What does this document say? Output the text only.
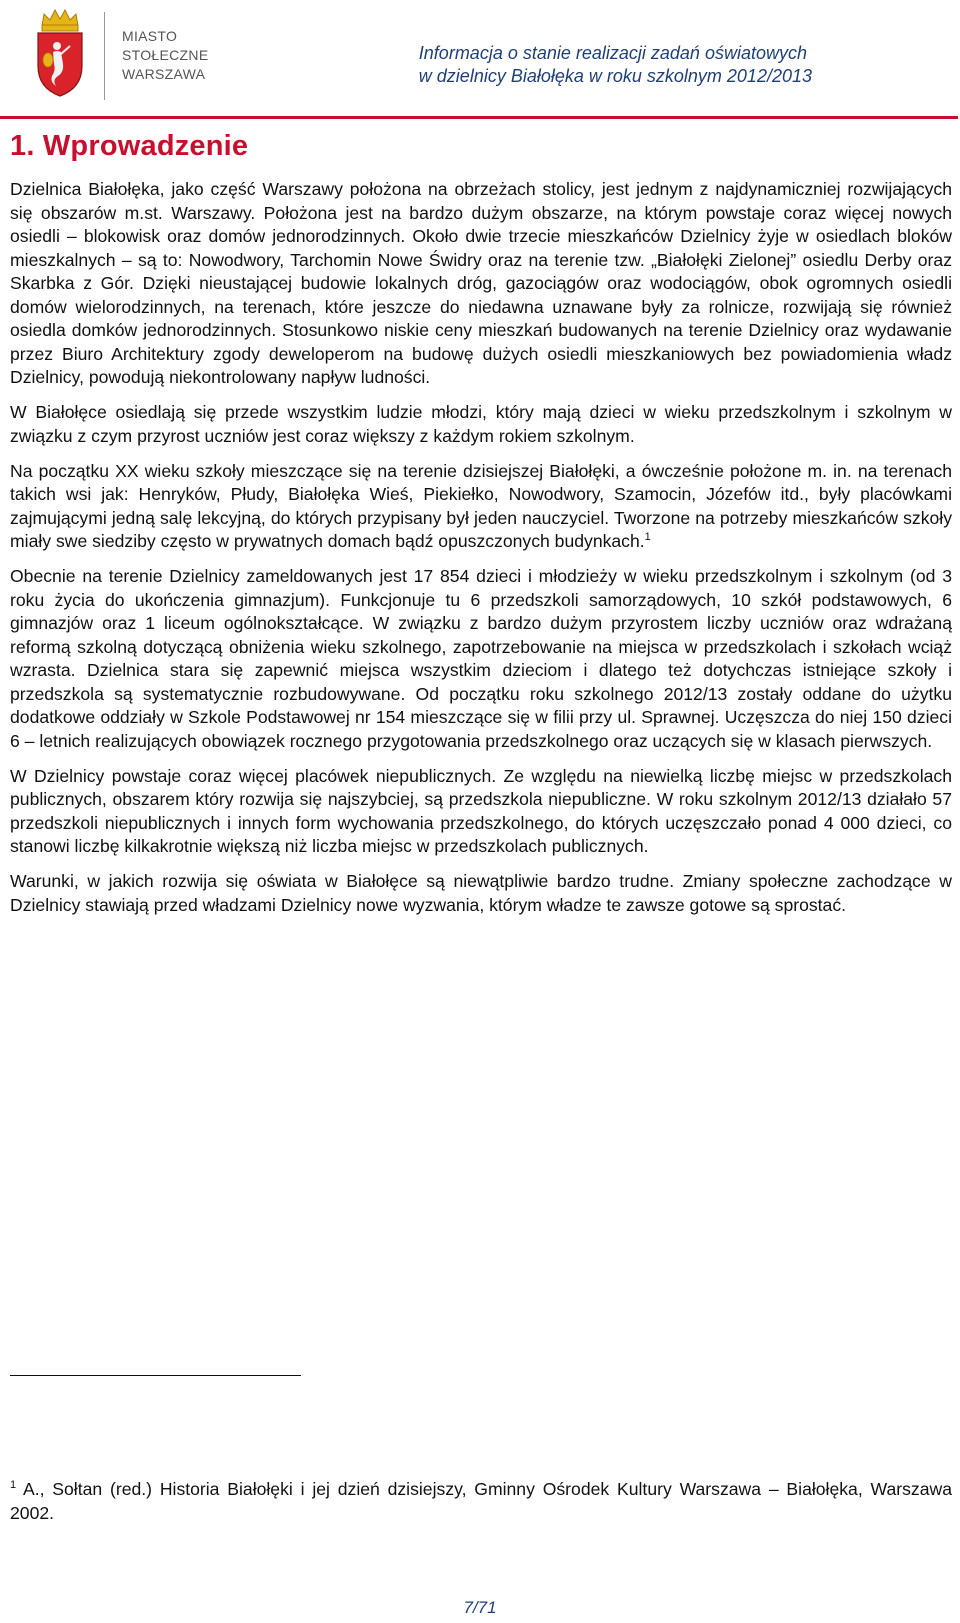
MIASTO
STOŁECZNE
WARSZAWA
Informacja o stanie realizacji zadań oświatowych
w dzielnicy Białołęka w roku szkolnym 2012/2013
1. Wprowadzenie

Dzielnica Białołęka, jako część Warszawy położona na obrzeżach stolicy, jest jednym z najdynamiczniej rozwijających się obszarów m.st. Warszawy. Położona jest na bardzo dużym obszarze, na którym powstaje coraz więcej nowych osiedli – blokowisk oraz domów jednorodzinnych. Około dwie trzecie mieszkańców Dzielnicy żyje w osiedlach bloków mieszkalnych – są to: Nowodwory, Tarchomin Nowe Świdry oraz na terenie tzw. „Białołęki Zielonej” osiedlu Derby oraz Skarbka z Gór. Dzięki nieustającej budowie lokalnych dróg, gazociągów oraz wodociągów, obok ogromnych osiedli domów wielorodzinnych, na terenach, które jeszcze do niedawna uznawane były za rolnicze, rozwijają się również osiedla domków jednorodzinnych. Stosunkowo niskie ceny mieszkań budowanych na terenie Dzielnicy oraz wydawanie przez Biuro Architektury zgody deweloperom na budowę dużych osiedli mieszkaniowych bez powiadomienia władz Dzielnicy, powodują niekontrolowany napływ ludności.

W Białołęce osiedlają się przede wszystkim ludzie młodzi, który mają dzieci w wieku przedszkolnym i szkolnym w związku z czym przyrost uczniów jest coraz większy z każdym rokiem szkolnym.

Na początku XX wieku szkoły mieszczące się na terenie dzisiejszej Białołęki, a ówcześnie położone m. in. na terenach takich wsi jak: Henryków, Płudy, Białołęka Wieś, Piekiełko, Nowodwory, Szamocin, Józefów itd., były placówkami zajmującymi jedną salę lekcyjną, do których przypisany był jeden nauczyciel. Tworzone na potrzeby mieszkańców szkoły miały swe siedziby często w prywatnych domach bądź opuszczonych budynkach.$^1$

Obecnie na terenie Dzielnicy zameldowanych jest 17 854 dzieci i młodzieży w wieku przedszkolnym i szkolnym (od 3 roku życia do ukończenia gimnazjum). Funkcjonuje tu 6 przedszkoli samorządowych, 10 szkół podstawowych, 6 gimnazjów oraz 1 liceum ogólnokształcące. W związku z bardzo dużym przyrostem liczby uczniów oraz wdrażaną reformą szkolną dotyczącą obniżenia wieku szkolnego, zapotrzebowanie na miejsca w przedszkolach i szkołach wciąż wzrasta. Dzielnica stara się zapewnić miejsca wszystkim dzieciom i dlatego też dotychczas istniejące szkoły i przedszkola są systematycznie rozbudowywane. Od początku roku szkolnego 2012/13 zostały oddane do użytku dodatkowe oddziały w Szkole Podstawowej nr 154 mieszczące się w filii przy ul. Sprawnej. Uczęszcza do niej 150 dzieci 6 – letnich realizujących obowiązek rocznego przygotowania przedszkolnego oraz uczących się w klasach pierwszych.

W Dzielnicy powstaje coraz więcej placówek niepublicznych. Ze względu na niewielką liczbę miejsc w przedszkolach publicznych, obszarem który rozwija się najszybciej, są przedszkola niepubliczne. W roku szkolnym 2012/13 działało 57 przedszkoli niepublicznych i innych form wychowania przedszkolnego, do których uczęszczało ponad 4 000 dzieci, co stanowi liczbę kilkakrotnie większą niż liczba miejsc w przedszkolach publicznych.

Warunki, w jakich rozwija się oświata w Białołęce są niewątpliwie bardzo trudne. Zmiany społeczne zachodzące w Dzielnicy stawiają przed władzami Dzielnicy nowe wyzwania, którym władze te zawsze gotowe są sprostać.

$^1$ A., Sołtan (red.) Historia Białołęki i jej dzień dzisiejszy, Gminny Ośrodek Kultury Warszawa – Białołęka, Warszawa 2002.
7/71
